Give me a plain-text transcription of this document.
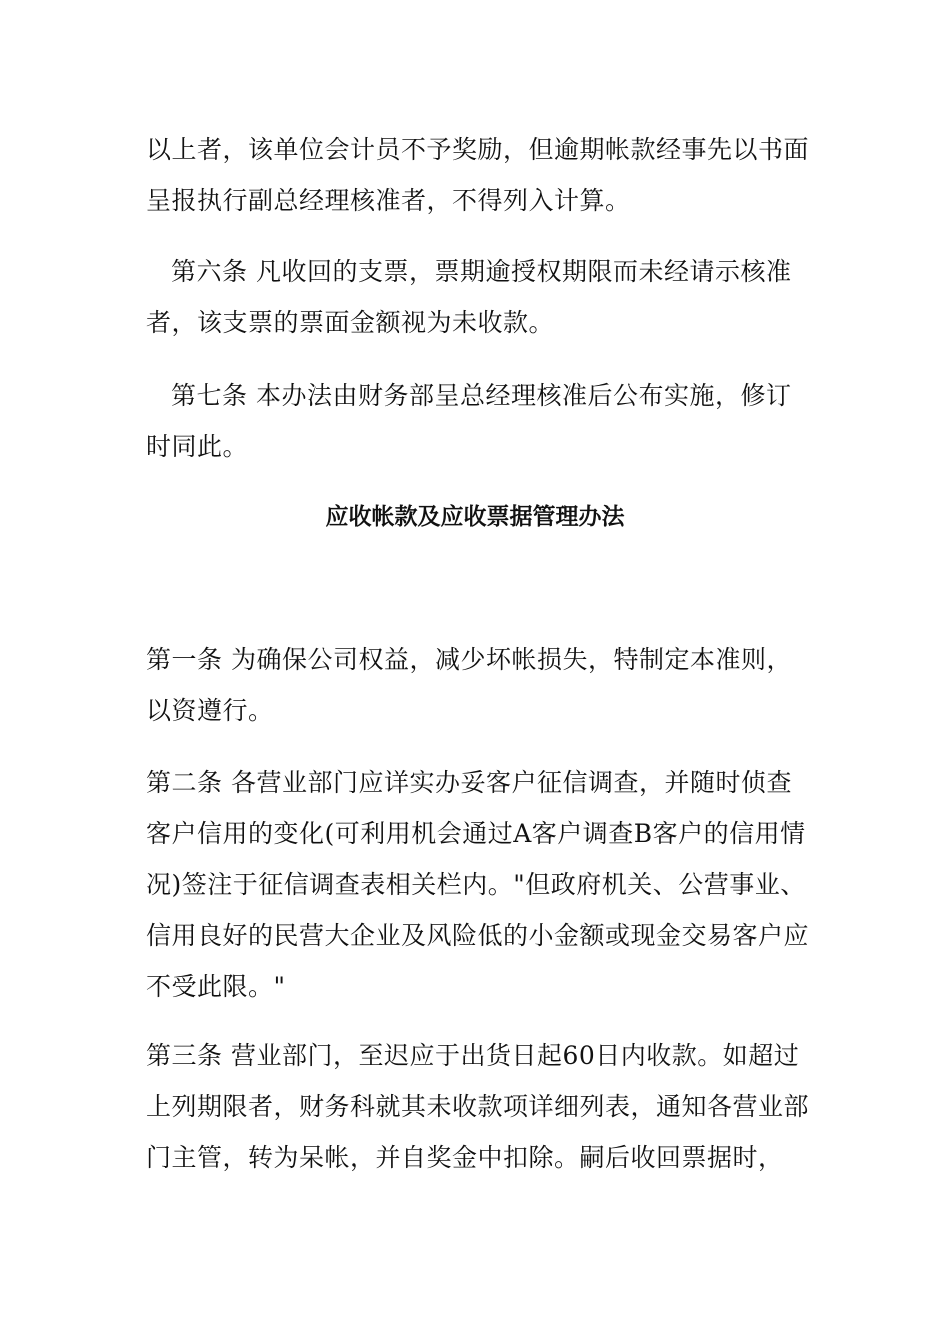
以上者，该单位会计员不予奖励，但逾期帐款经事先以书面呈报执行副总经理核准者，不得列入计算。

第六条 凡收回的支票，票期逾授权期限而未经请示核准者，该支票的票面金额视为未收款。

第七条 本办法由财务部呈总经理核准后公布实施，修订时同此。

应收帐款及应收票据管理办法

第一条 为确保公司权益，减少坏帐损失，特制定本准则，以资遵行。

第二条 各营业部门应详实办妥客户征信调查，并随时侦查客户信用的变化(可利用机会通过A客户调查B客户的信用情况)签注于征信调查表相关栏内。"但政府机关、公营事业、信用良好的民营大企业及风险低的小金额或现金交易客户应不受此限。"

第三条 营业部门，至迟应于出货日起60日内收款。如超过上列期限者，财务科就其未收款项详细列表，通知各营业部门主管，转为呆帐，并自奖金中扣除。嗣后收回票据时，
